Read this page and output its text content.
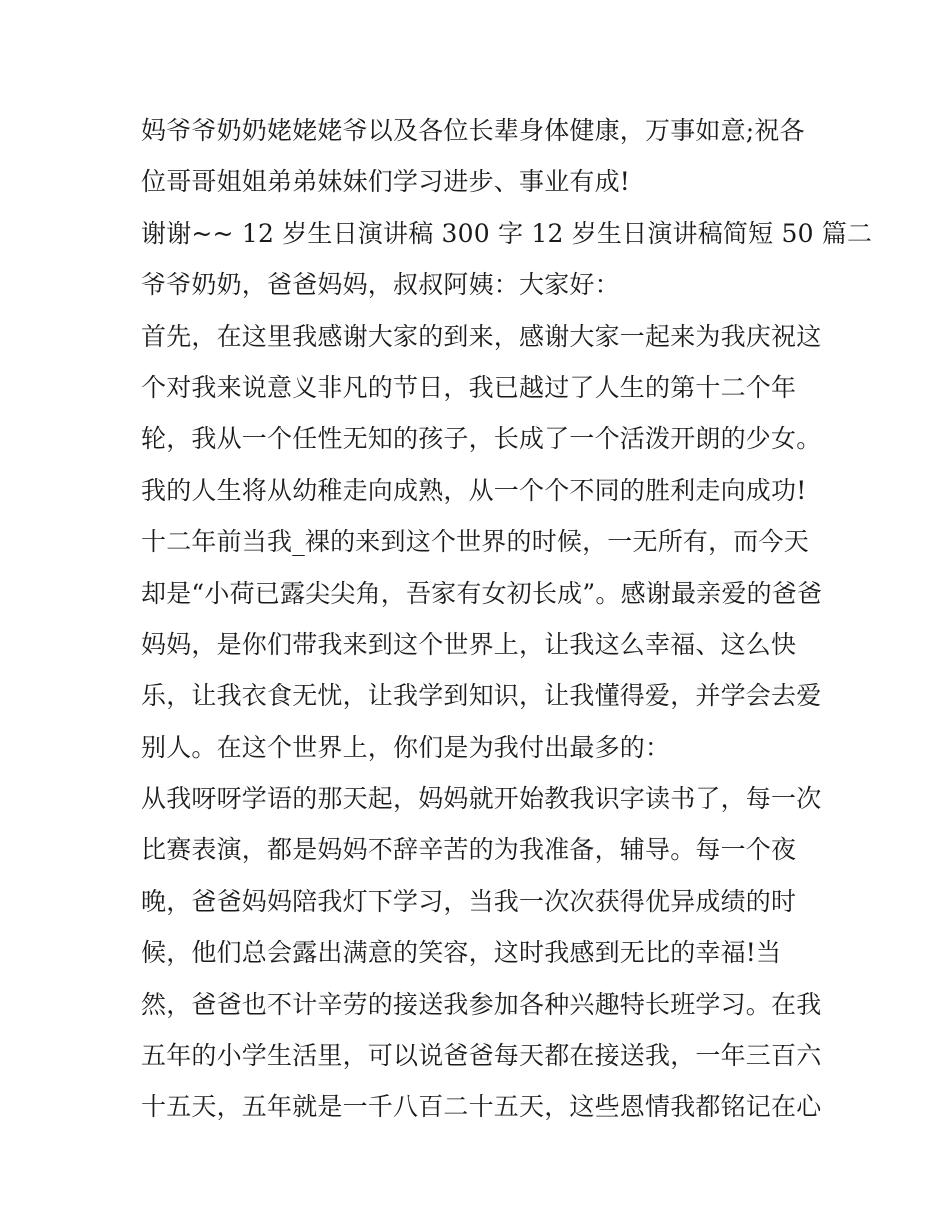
妈爷爷奶奶姥姥姥爷以及各位长辈身体健康，万事如意;祝各
位哥哥姐姐弟弟妹妹们学习进步、事业有成!
谢谢~~ 12 岁生日演讲稿 300 字 12 岁生日演讲稿简短 50 篇二
爷爷奶奶，爸爸妈妈，叔叔阿姨：大家好：
首先，在这里我感谢大家的到来，感谢大家一起来为我庆祝这
个对我来说意义非凡的节日，我已越过了人生的第十二个年
轮，我从一个任性无知的孩子，长成了一个活泼开朗的少女。
我的人生将从幼稚走向成熟，从一个个不同的胜利走向成功!
十二年前当我_裸的来到这个世界的时候，一无所有，而今天
却是“小荷已露尖尖角，吾家有女初长成”。感谢最亲爱的爸爸
妈妈，是你们带我来到这个世界上，让我这么幸福、这么快
乐，让我衣食无忧，让我学到知识，让我懂得爱，并学会去爱
别人。在这个世界上，你们是为我付出最多的：
从我呀呀学语的那天起，妈妈就开始教我识字读书了，每一次
比赛表演，都是妈妈不辞辛苦的为我准备，辅导。每一个夜
晚，爸爸妈妈陪我灯下学习，当我一次次获得优异成绩的时
候，他们总会露出满意的笑容，这时我感到无比的幸福!当
然，爸爸也不计辛劳的接送我参加各种兴趣特长班学习。在我
五年的小学生活里，可以说爸爸每天都在接送我，一年三百六
十五天，五年就是一千八百二十五天，这些恩情我都铭记在心
